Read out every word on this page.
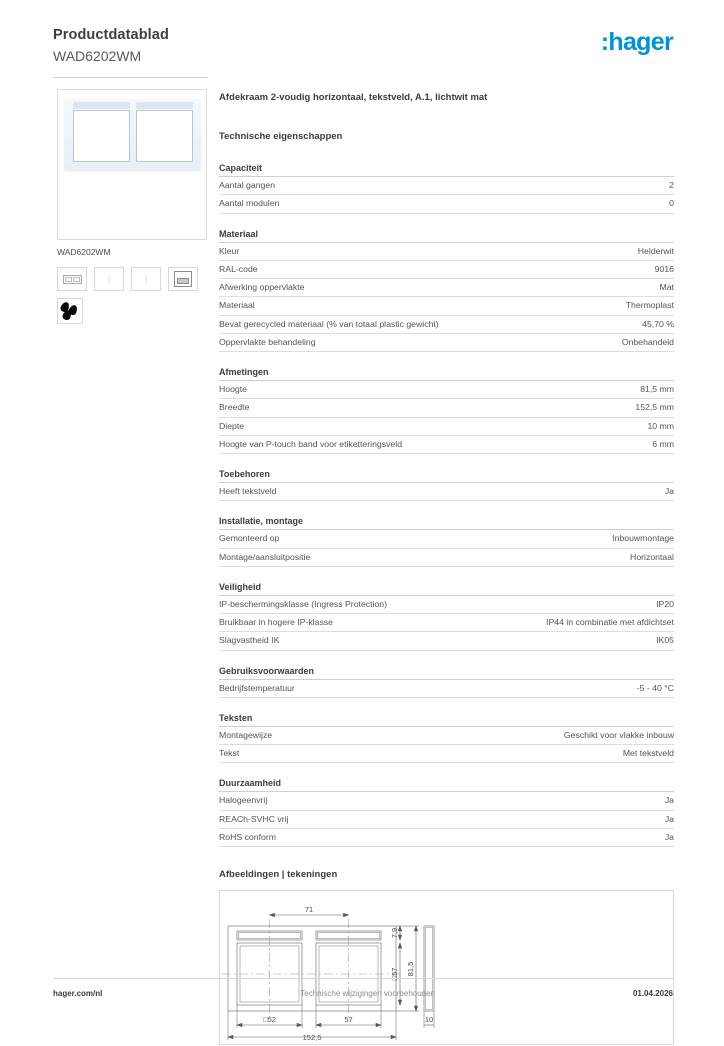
Productdatablad
WAD6202WM	:hager
WAD6202WM
Afdekraam 2-voudig horizontaal, tekstveld, A.1, lichtwit mat
Technische eigenschappen
Capaciteit
Aantal gangen	2
Aantal modulen	0
Materiaal
Kleur	Helderwit
RAL-code	9016
Afwerking oppervlakte	Mat
Materiaal	Thermoplast
Bevat gerecycled materiaal (% van totaal plastic gewicht)	45,70 %
Oppervlakte behandeling	Onbehandeld
Afmetingen
Hoogte	81,5 mm
Breedte	152,5 mm
Diepte	10 mm
Hoogte van P-touch band voor etiketteringsveld	6 mm
Toebehoren
Heeft tekstveld	Ja
Installatie, montage
Gemonteerd op	Inbouwmontage
Montage/aansluitpositie	Horizontaal
Veiligheid
IP-beschermingsklasse (Ingress Protection)	IP20
Bruikbaar in hogere IP-klasse	IP44 in combinatie met afdichtset
Slagvastheid IK	IK05
Gebruiksvoorwaarden
Bedrijfstemperatuur	-5 - 40 °C
Teksten
Montagewijze	Geschikt voor vlakke inbouw
Tekst	Met tekstveld
Duurzaamheid
Halogeenvrij	Ja
REACh-SVHC vrij	Ja
RoHS conform	Ja
Afbeeldingen | tekeningen
71
152,5
□52	57
7,9
□57 81,5
10
hager.com/nl	Technische wijzigingen voorbehouden	01.04.2026
